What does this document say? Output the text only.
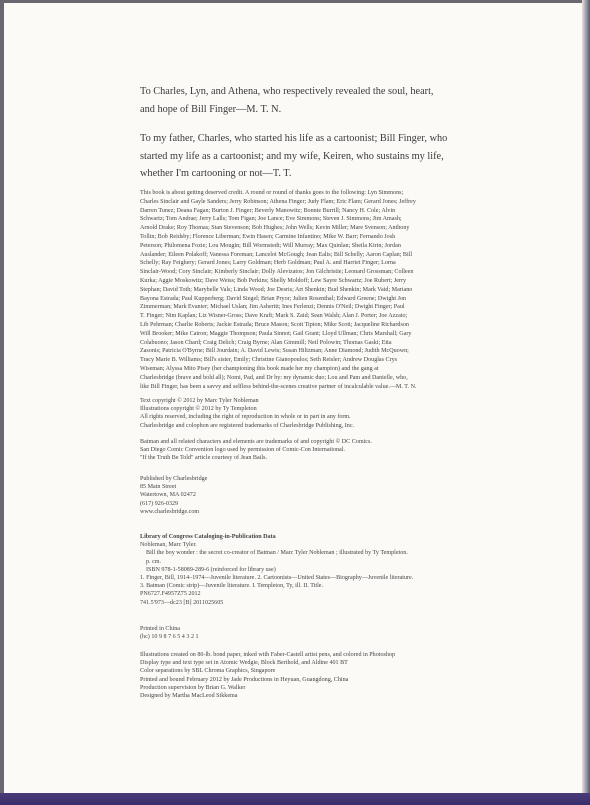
To Charles, Lyn, and Athena, who respectively revealed the soul, heart,
and hope of Bill Finger—M. T. N.
To my father, Charles, who started his life as a cartoonist; Bill Finger, who
started my life as a cartoonist; and my wife, Keiren, who sustains my life,
whether I'm cartooning or not—T. T.
This book is about getting deserved credit. A round or round of thanks goes to the following: Lyn Simmons;
Charles Sinclair and Gayle Sanders; Jerry Robinson; Athena Finger; Judy Flam; Eric Flam; Gerard Jones; Jeffrey
Darren Tunez; Deana Fagan; Burton J. Finger; Beverly Manowitz; Bonnie Burrill; Nancy H. Cole; Alvin
Schwartz; Tom Andrae; Jerry Lalls; Tom Figan; Joe Lance; Eve Simmons; Steven J. Simmons; Jim Amash;
Arnold Drake; Roy Thomas; Stan Stevenson; Bob Hughes; John Wells; Kevin Miller; Mare Svenson; Anthony
Tollin; Bob Reidsby; Florence Liberman; Ewin Hasen; Carmine Infantino; Mike W. Barr; Fernando Josh
Peterson; Philomena Fozie; Lou Mougin; Bill Wormstedt; Will Murray; Max Quinlan; Sheila Kirin; Jordan
Auslander; Eileen Polakoff; Vanessa Foreman; Lancelot McGough; Jean Ealis; Bill Schelly; Aaron Caplan; Bill
Schelly; Ray Feighery; Gerard Jones; Larry Goldman; Herb Goldman; Paul A. and Harriet Finger; Lorna
Sinclair-Wood; Cory Sinclair; Kimberly Sinclair; Dolly Alevizatos; Jon Gilchristie; Leonard Grossman; Colleen
Kurka; Aggie Moskowitz; Dave Weiss; Bob Perkins; Shelly Moldoff; Lew Sayre Schwartz; Joe Rubert; Jerry
Stephan; David Toth; Marybelle Vals; Linda Wood; Joe Desris; Art Shenkin; Bud Shenkin; Mark Vaid; Mariano
Bayona Estrada; Paul Kupperberg; David Siegel; Brian Pryor; Julien Rosenthal; Edward Greene; Dwight Jon
Zimmerman; Mark Evanier; Michael Uslan; Jim Asheritt; Ines Ferlenzi; Dennis O'Neil; Dwight Finger; Paul
T. Finger; Nim Kaplan; Liz Wisner-Gross; Dave Kraft; Mark S. Zaid; Sean Walsh; Alan J. Porter; Joe Azzato;
Lib Pehrman; Charlie Roberts; Jackie Estrada; Bruce Mason; Scott Tipton; Mike Scott; Jacqueline Richardson
Will Brooker; Mike Catron; Maggie Thompson; Paula Sinnot; Gail Grant; Lloyd Ullman; Chris Marshall; Gary
Colabuono; Jason Chard; Craig Delich; Craig Byrne; Alan Gimmill; Neil Polowin; Thomas Gaski; Etta
Zasonis; Patricia O'Byrne; Bill Jourdain; A. David Lewis; Susan Hiltzman; Anne Diamond; Judith McQuown;
Tracy Marie B. Williams; Bill's sister, Emily; Christine Gianopoulos; Seth Reisler; Andrew Douglas Crys
Wiseman; Alyssa Mito Pisey (her championing this book made her my champion) and the gang at
Charlesbridge (brave and bold all); Nomi, Pad, and Dr by: my dynamic duo; Lou and Pam and Danielle, who,
like Bill Finger, has been a savvy and selfless behind-the-scenes creative partner of incalculable value.—M. T. N.
Text copyright © 2012 by Marc Tyler Nobleman
Illustrations copyright © 2012 by Ty Templeton
All rights reserved, including the right of reproduction in whole or in part in any form.
Charlesbridge and colophon are registered trademarks of Charlesbridge Publishing, Inc.
Batman and all related characters and elements are trademarks of and copyright © DC Comics.
San Diego Comic Convention logo used by permission of Comic-Con International.
"If the Truth Be Told" article courtesy of Jean Bails.
Published by Charlesbridge
85 Main Street
Watertown, MA 02472
(617) 926-0329
www.charlesbridge.com
Library of Congress Cataloging-in-Publication Data
Nobleman, Marc Tyler.
Bill the boy wonder : the secret co-creator of Batman / Marc Tyler Nobleman ; illustrated by Ty Templeton.
p. cm.
ISBN 978-1-58089-289-6 (reinforced for library use)
1. Finger, Bill, 1914–1974—Juvenile literature. 2. Cartoonists—United States—Biography—Juvenile literature.
3. Batman (Comic strip)—Juvenile literature. I. Templeton, Ty, ill. II. Title.
PN6727.F4957Z75 2012
741.5'973—dc23 [B] 2011025605
Printed in China
(hc) 10 9 8 7 6 5 4 3 2 1
Illustrations created on 80-lb. bond paper, inked with Faber-Castell artist pens, and colored in Photoshop
Display type and text type set in Atomic Wedgie, Block Berthold, and Aldine 401 BT
Color separations by SBL Chroma Graphics, Singapore
Printed and bound February 2012 by Jade Productions in Heyuan, Guangdong, China
Production supervision by Brian G. Walker
Designed by Martha MacLeod Sikkema
